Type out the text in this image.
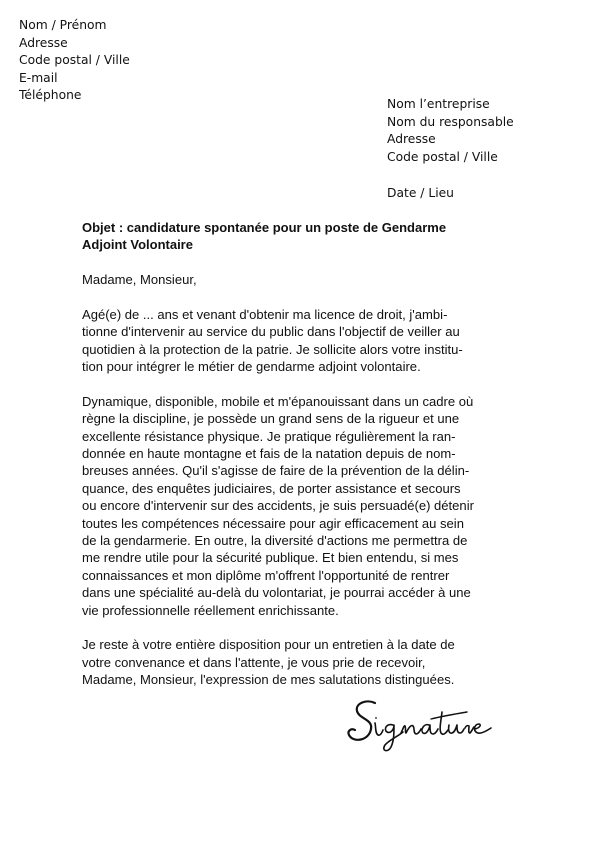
Nom / Prénom
Adresse
Code postal / Ville
E-mail
Téléphone
Nom l’entreprise
Nom du responsable
Adresse
Code postal / Ville
Date / Lieu
Objet : candidature spontanée pour un poste de Gendarme
Adjoint Volontaire
Madame, Monsieur,
Agé(e) de ... ans et venant d'obtenir ma licence de droit, j'ambi-
tionne d'intervenir au service du public dans l'objectif de veiller au
quotidien à la protection de la patrie. Je sollicite alors votre institu-
tion pour intégrer le métier de gendarme adjoint volontaire.
Dynamique, disponible, mobile et m'épanouissant dans un cadre où
règne la discipline, je possède un grand sens de la rigueur et une
excellente résistance physique. Je pratique régulièrement la ran-
donnée en haute montagne et fais de la natation depuis de nom-
breuses années. Qu'il s'agisse de faire de la prévention de la délin-
quance, des enquêtes judiciaires, de porter assistance et secours
ou encore d'intervenir sur des accidents, je suis persuadé(e) détenir
toutes les compétences nécessaire pour agir efficacement au sein
de la gendarmerie. En outre, la diversité d'actions me permettra de
me rendre utile pour la sécurité publique. Et bien entendu, si mes
connaissances et mon diplôme m'offrent l'opportunité de rentrer
dans une spécialité au-delà du volontariat, je pourrai accéder à une
vie professionnelle réellement enrichissante.
Je reste à votre entière disposition pour un entretien à la date de
votre convenance et dans l'attente, je vous prie de recevoir,
Madame, Monsieur, l'expression de mes salutations distinguées.
